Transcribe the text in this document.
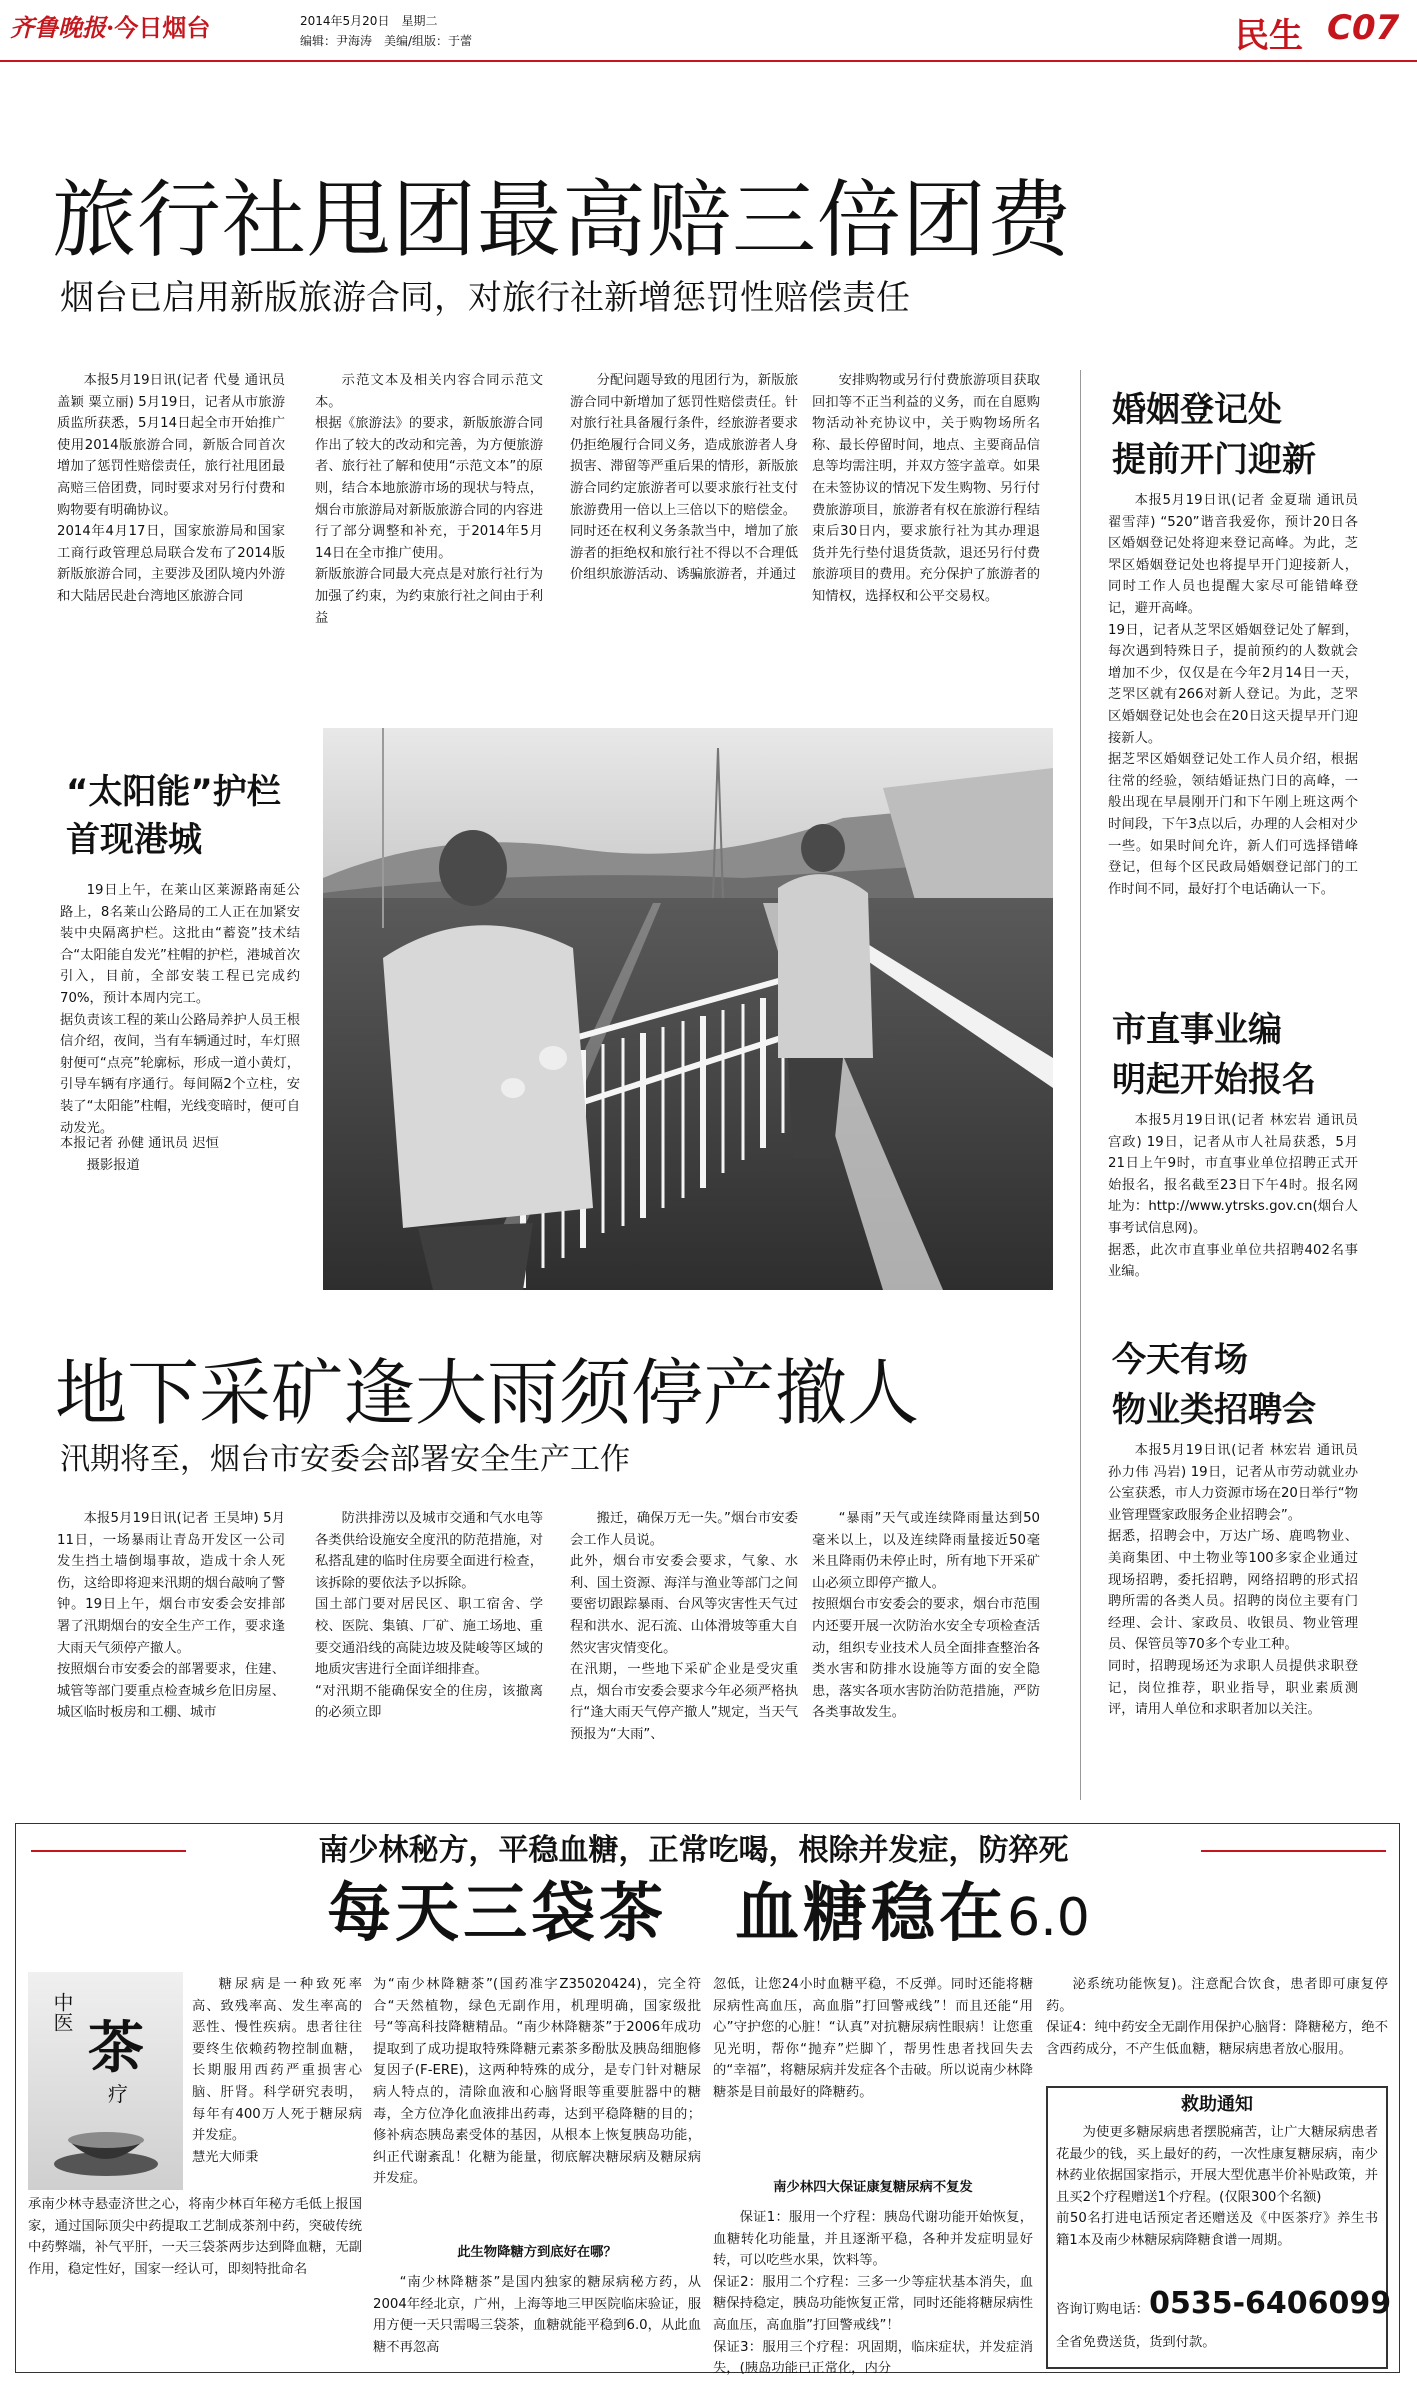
齐鲁晚报·今日烟台	2014年5月20日　星期二
编辑：尹海涛　美编/组版：于蕾	民生 C07
旅行社甩团最高赔三倍团费
烟台已启用新版旅游合同，对旅行社新增惩罚性赔偿责任
本报5月19日讯(记者 代曼 通讯员 盖颖 粟立丽) 5月19日，记者从市旅游质监所获悉，5月14日起全市开始推广使用2014版旅游合同，新版合同首次增加了惩罚性赔偿责任，旅行社甩团最高赔三倍团费，同时要求对另行付费和购物要有明确协议。
2014年4月17日，国家旅游局和国家工商行政管理总局联合发布了2014版新版旅游合同，主要涉及团队境内外游和大陆居民赴台湾地区旅游合同
示范文本及相关内容合同示范文本。
根据《旅游法》的要求，新版旅游合同作出了较大的改动和完善，为方便旅游者、旅行社了解和使用“示范文本”的原则，结合本地旅游市场的现状与特点，烟台市旅游局对新版旅游合同的内容进行了部分调整和补充，于2014年5月14日在全市推广使用。
新版旅游合同最大亮点是对旅行社行为加强了约束，为约束旅行社之间由于利益
分配问题导致的甩团行为，新版旅游合同中新增加了惩罚性赔偿责任。针对旅行社具备履行条件，经旅游者要求仍拒绝履行合同义务，造成旅游者人身损害、滞留等严重后果的情形，新版旅游合同约定旅游者可以要求旅行社支付旅游费用一倍以上三倍以下的赔偿金。
同时还在权利义务条款当中，增加了旅游者的拒绝权和旅行社不得以不合理低价组织旅游活动、诱骗旅游者，并通过
安排购物或另行付费旅游项目获取回扣等不正当利益的义务，而在自愿购物活动补充协议中，关于购物场所名称、最长停留时间，地点、主要商品信息等均需注明，并双方签字盖章。如果在未签协议的情况下发生购物、另行付费旅游项目，旅游者有权在旅游行程结束后30日内，要求旅行社为其办理退货并先行垫付退货货款，退还另行付费旅游项目的费用。充分保护了旅游者的知情权，选择权和公平交易权。
婚姻登记处
提前开门迎新
本报5月19日讯(记者 金夏瑞 通讯员 翟雪萍) “520”谐音我爱你，预计20日各区婚姻登记处将迎来登记高峰。为此，芝罘区婚姻登记处也将提早开门迎接新人，同时工作人员也提醒大家尽可能错峰登记，避开高峰。
19日，记者从芝罘区婚姻登记处了解到，每次遇到特殊日子，提前预约的人数就会增加不少，仅仅是在今年2月14日一天，芝罘区就有266对新人登记。为此，芝罘区婚姻登记处也会在20日这天提早开门迎接新人。
据芝罘区婚姻登记处工作人员介绍，根据往常的经验，领结婚证热门日的高峰，一般出现在早晨刚开门和下午刚上班这两个时间段，下午3点以后，办理的人会相对少一些。如果时间允许，新人们可选择错峰登记，但每个区民政局婚姻登记部门的工作时间不同，最好打个电话确认一下。
市直事业编
明起开始报名
本报5月19日讯(记者 林宏岩 通讯员 宫政) 19日，记者从市人社局获悉，5月21日上午9时，市直事业单位招聘正式开始报名，报名截至23日下午4时。报名网址为：http://www.ytrsks.gov.cn(烟台人事考试信息网)。
据悉，此次市直事业单位共招聘402名事业编。
今天有场
物业类招聘会
本报5月19日讯(记者 林宏岩 通讯员 孙力伟 冯岩) 19日，记者从市劳动就业办公室获悉，市人力资源市场在20日举行“物业管理暨家政服务企业招聘会”。
据悉，招聘会中，万达广场、鹿鸣物业、美商集团、中土物业等100多家企业通过现场招聘，委托招聘，网络招聘的形式招聘所需的各类人员。招聘的岗位主要有门经理、会计、家政员、收银员、物业管理员、保管员等70多个专业工种。
同时，招聘现场还为求职人员提供求职登记，岗位推荐，职业指导，职业素质测评，请用人单位和求职者加以关注。
“太阳能”护栏
首现港城
19日上午，在莱山区莱源路南延公路上，8名莱山公路局的工人正在加紧安装中央隔离护栏。这批由“蓄瓷”技术结合“太阳能自发光”柱帽的护栏，港城首次引入，目前，全部安装工程已完成约70%，预计本周内完工。
据负责该工程的莱山公路局养护人员王根信介绍，夜间，当有车辆通过时，车灯照射便可“点亮”轮廓标，形成一道小黄灯，引导车辆有序通行。每间隔2个立柱，安装了“太阳能”柱帽，光线变暗时，便可自动发光。
本报记者 孙健 通讯员 迟恒
摄影报道
地下采矿逢大雨须停产撤人
汛期将至，烟台市安委会部署安全生产工作
本报5月19日讯(记者 王昊坤) 5月11日，一场暴雨让青岛开发区一公司发生挡土墙倒塌事故，造成十余人死伤，这给即将迎来汛期的烟台敲响了警钟。19日上午，烟台市安委会安排部署了汛期烟台的安全生产工作，要求逢大雨天气须停产撤人。
按照烟台市安委会的部署要求，住建、城管等部门要重点检查城乡危旧房屋、城区临时板房和工棚、城市
防洪排涝以及城市交通和气水电等各类供给设施安全度汛的防范措施，对私搭乱建的临时住房要全面进行检查，该拆除的要依法予以拆除。
国土部门要对居民区、职工宿舍、学校、医院、集镇、厂矿、施工场地、重要交通沿线的高陡边坡及陡峻等区域的地质灾害进行全面详细排查。
“对汛期不能确保安全的住房，该撤离的必须立即
搬迁，确保万无一失。”烟台市安委会工作人员说。
此外，烟台市安委会要求，气象、水利、国土资源、海洋与渔业等部门之间要密切跟踪暴雨、台风等灾害性天气过程和洪水、泥石流、山体滑坡等重大自然灾害灾情变化。
在汛期，一些地下采矿企业是受灾重点，烟台市安委会要求今年必须严格执行“逢大雨天气停产撤人”规定，当天气预报为“大雨”、
“暴雨”天气或连续降雨量达到50毫米以上，以及连续降雨量接近50毫米且降雨仍未停止时，所有地下开采矿山必须立即停产撤人。
按照烟台市安委会的要求，烟台市范围内还要开展一次防治水安全专项检查活动，组织专业技术人员全面排查整治各类水害和防排水设施等方面的安全隐患，落实各项水害防治防范措施，严防各类事故发生。
南少林秘方，平稳血糖，正常吃喝，根除并发症，防猝死
每天三袋茶　血糖稳在6.0
中医
茶
疗
糖尿病是一种致死率高、致残率高、发生率高的恶性、慢性疾病。患者往往要终生依赖药物控制血糖，长期服用西药严重损害心脑、肝肾。科学研究表明，每年有400万人死于糖尿病并发症。
慧光大师秉
承南少林寺悬壶济世之心，将南少林百年秘方毛低上报国家，通过国际顶尖中药提取工艺制成茶剂中药，突破传统中药弊端，补气平肝，一天三袋茶两步达到降血糖，无副作用，稳定性好，国家一经认可，即刻特批命名
为“南少林降糖茶”(国药准字Z35020424)，完全符合“天然植物，绿色无副作用，机理明确，国家级批号“等高科技降糖精品。“南少林降糖茶”于2006年成功提取到了成功提取特殊降糖元素茶多酚肽及胰岛细胞修复因子(F-ERE)，这两种特殊的成分，是专门针对糖尿病人特点的，清除血液和心脑肾眼等重要脏器中的糖毒，全方位净化血液排出药毒，达到平稳降糖的目的；修补病态胰岛素受体的基因，从根本上恢复胰岛功能，纠正代谢紊乱！化糖为能量，彻底解决糖尿病及糖尿病并发症。
此生物降糖方到底好在哪？
“南少林降糖茶”是国内独家的糖尿病秘方药，从2004年经北京，广州，上海等地三甲医院临床验证，服用方便一天只需喝三袋茶，血糖就能平稳到6.0，从此血糖不再忽高
忽低，让您24小时血糖平稳，不反弹。同时还能将糖尿病性高血压，高血脂”打回警戒线”！而且还能“用心”守护您的心脏！“认真”对抗糖尿病性眼病！让您重见光明，帮你“抛弃”烂脚丫，帮男性患者找回失去的“幸福”，将糖尿病并发症各个击破。所以说南少林降糖茶是目前最好的降糖药。
南少林四大保证康复糖尿病不复发
保证1：服用一个疗程：胰岛代谢功能开始恢复，血糖转化功能量，并且逐渐平稳，各种并发症明显好转，可以吃些水果，饮料等。
保证2：服用二个疗程：三多一少等症状基本消失，血糖保持稳定，胰岛功能恢复正常，同时还能将糖尿病性高血压，高血脂”打回警戒线”！
保证3：服用三个疗程：巩固期，临床症状，并发症消失，(胰岛功能已正常化，内分
泌系统功能恢复)。注意配合饮食，患者即可康复停药。
保证4：纯中药安全无副作用保护心脑肾：降糖秘方，绝不含西药成分，不产生低血糖，糖尿病患者放心服用。
救助通知
为使更多糖尿病患者摆脱痛苦，让广大糖尿病患者花最少的钱，买上最好的药，一次性康复糖尿病，南少林药业依据国家指示，开展大型优惠半价补贴政策，并且买2个疗程赠送1个疗程。(仅限300个名额)
前50名打进电话预定者还赠送及《中医茶疗》养生书籍1本及南少林糖尿病降糖食谱一周期。
咨询订购电话：0535-6406099
全省免费送货，货到付款。
